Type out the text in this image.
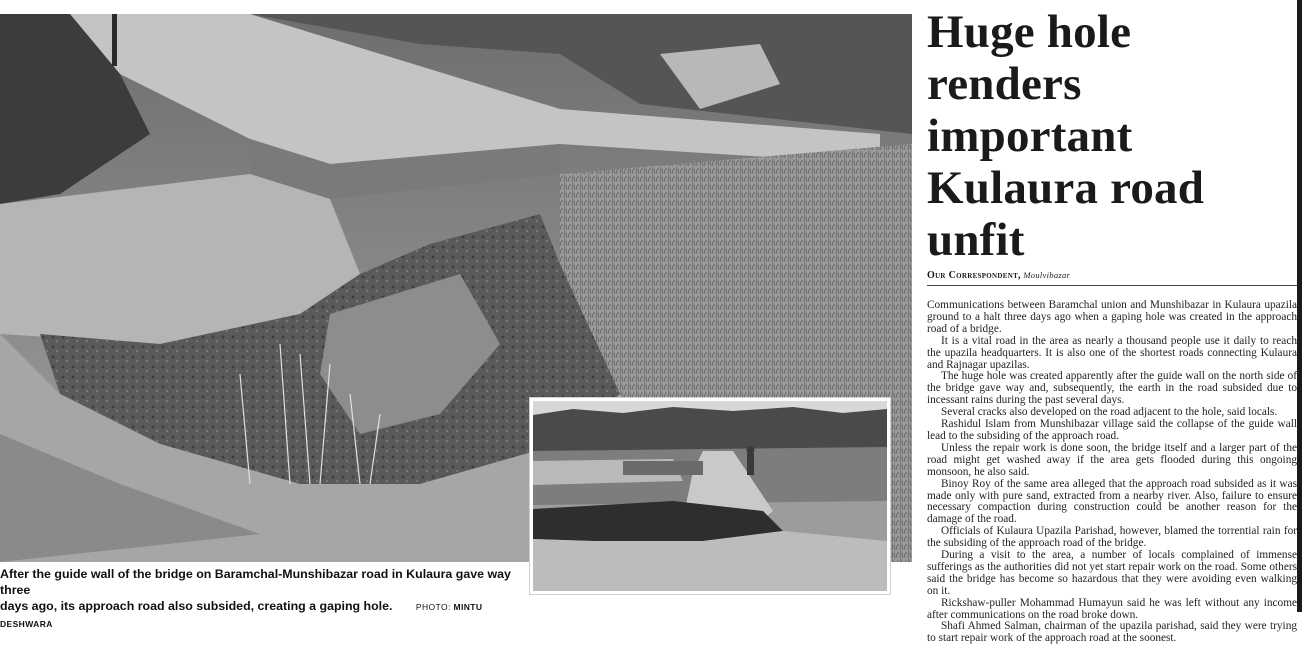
After the guide wall of the bridge on Baramchal-Munshibazar road in Kulaura gave way three
days ago, its approach road also subsided, creating a gaping hole.	PHOTO: MINTU DESHWARA
Huge hole renders important Kulaura road unfit
Our Correspondent, Moulvibazar

Communications between Baramchal union and Munshibazar in Kulaura upazila ground to a halt three days ago when a gaping hole was created in the approach road of a bridge.

It is a vital road in the area as nearly a thousand people use it daily to reach the upazila headquarters. It is also one of the shortest roads connecting Kulaura and Rajnagar upazilas.

The huge hole was created apparently after the guide wall on the north side of the bridge gave way and, subsequently, the earth in the road subsided due to incessant rains during the past several days.

Several cracks also developed on the road adjacent to the hole, said locals.

Rashidul Islam from Munshibazar village said the collapse of the guide wall lead to the subsiding of the approach road.

Unless the repair work is done soon, the bridge itself and a larger part of the road might get washed away if the area gets flooded during this ongoing monsoon, he also said.

Binoy Roy of the same area alleged that the approach road subsided as it was made only with pure sand, extracted from a nearby river. Also, failure to ensure necessary compaction during construction could be another reason for the damage of the road.

Officials of Kulaura Upazila Parishad, however, blamed the torrential rain for the subsiding of the approach road of the bridge.

During a visit to the area, a number of locals complained of immense sufferings as the authorities did not yet start repair work on the road. Some others said the bridge has become so hazardous that they were avoiding even walking on it.

Rickshaw-puller Mohammad Humayun said he was left without any income after communications on the road broke down.

Shafi Ahmed Salman, chairman of the upazila parishad, said they were trying to start repair work of the approach road at the soonest.
